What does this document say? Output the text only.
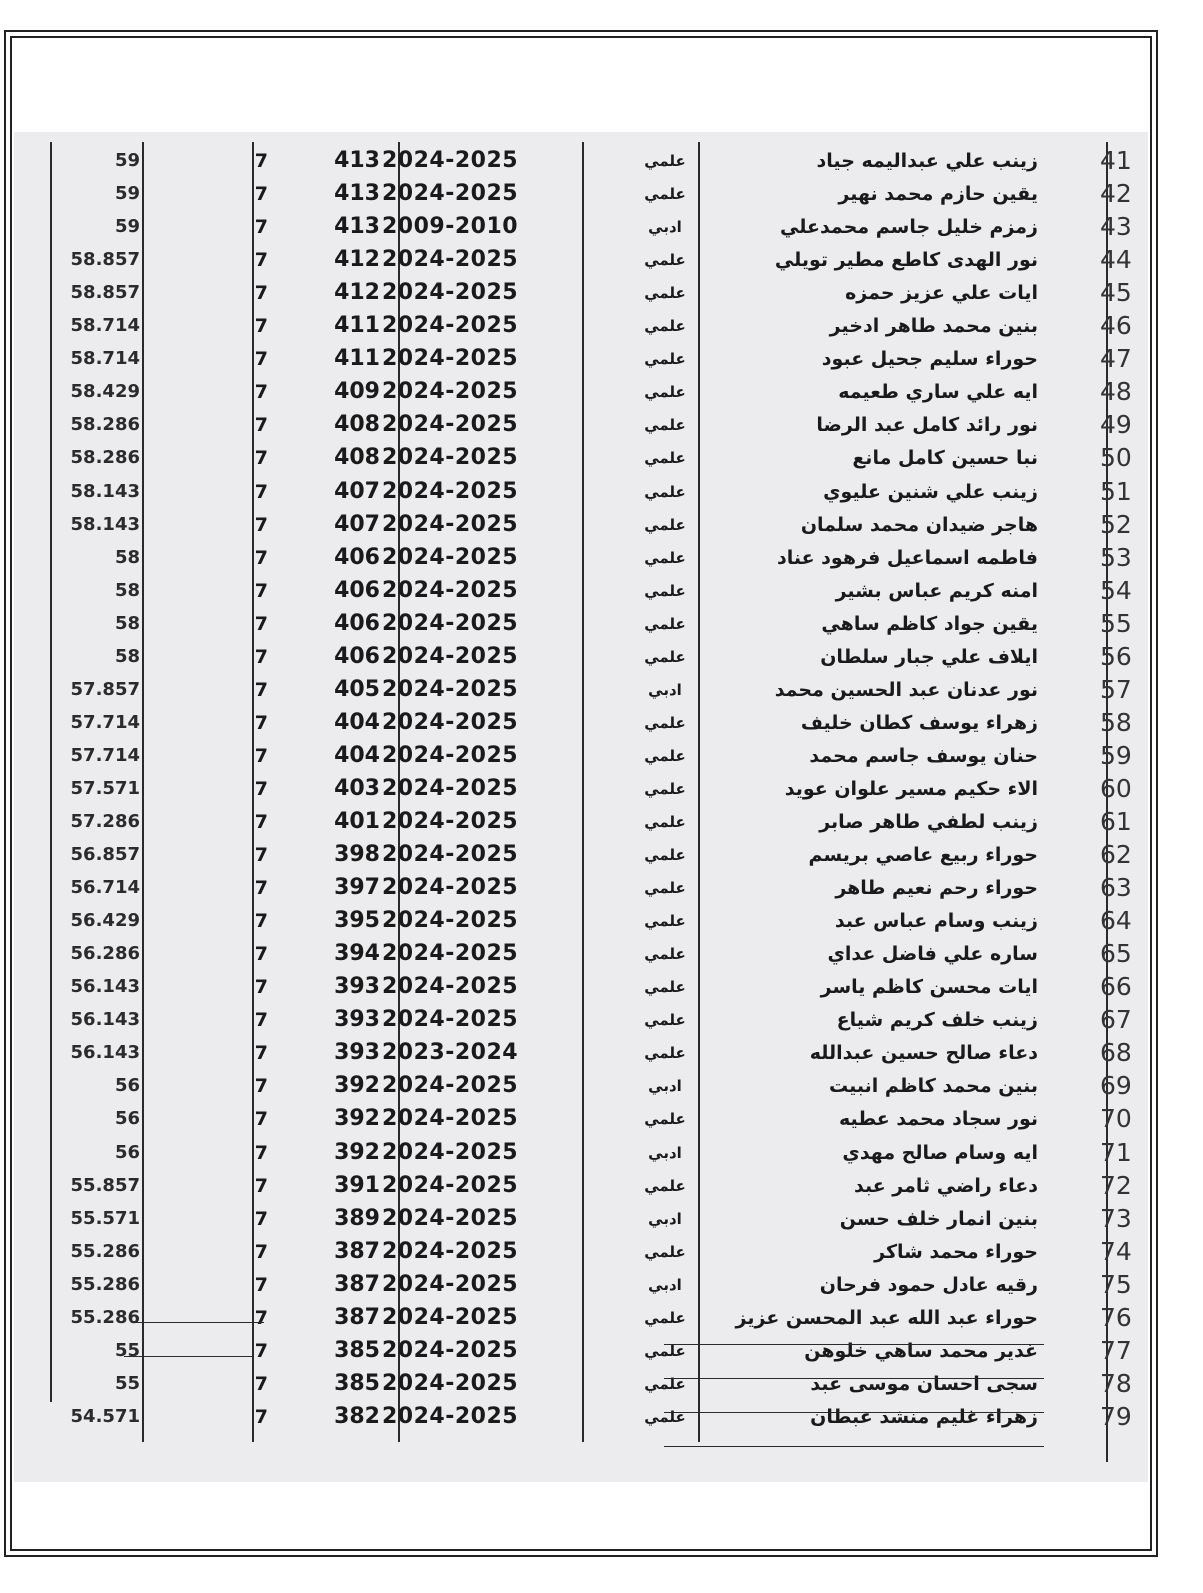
41
زينب علي عبداليمه جياد
علمي
2024-2025
413
7
59
42
يقين حازم محمد نهير
علمي
2024-2025
413
7
59
43
زمزم خليل جاسم محمدعلي
ادبي
2009-2010
413
7
59
44
نور الهدى كاطع مطير تويلي
علمي
2024-2025
412
7
58.857
45
ايات علي عزيز حمزه
علمي
2024-2025
412
7
58.857
46
بنين محمد طاهر ادخير
علمي
2024-2025
411
7
58.714
47
حوراء سليم جحيل عبود
علمي
2024-2025
411
7
58.714
48
ايه علي ساري طعيمه
علمي
2024-2025
409
7
58.429
49
نور رائد كامل عبد الرضا
علمي
2024-2025
408
7
58.286
50
نبا حسين كامل مانع
علمي
2024-2025
408
7
58.286
51
زينب علي شنين عليوي
علمي
2024-2025
407
7
58.143
52
هاجر ضيدان محمد سلمان
علمي
2024-2025
407
7
58.143
53
فاطمه اسماعيل فرهود عناد
علمي
2024-2025
406
7
58
54
امنه كريم عباس بشير
علمي
2024-2025
406
7
58
55
يقين جواد كاظم ساهي
علمي
2024-2025
406
7
58
56
ايلاف علي جبار سلطان
علمي
2024-2025
406
7
58
57
نور عدنان عبد الحسين محمد
ادبي
2024-2025
405
7
57.857
58
زهراء يوسف كطان خليف
علمي
2024-2025
404
7
57.714
59
حنان يوسف جاسم محمد
علمي
2024-2025
404
7
57.714
60
الاء حكيم مسير علوان عويد
علمي
2024-2025
403
7
57.571
61
زينب لطفي طاهر صابر
علمي
2024-2025
401
7
57.286
62
حوراء ربيع عاصي بريسم
علمي
2024-2025
398
7
56.857
63
حوراء رحم نعيم طاهر
علمي
2024-2025
397
7
56.714
64
زينب وسام عباس عبد
علمي
2024-2025
395
7
56.429
65
ساره علي فاضل عداي
علمي
2024-2025
394
7
56.286
66
ايات محسن كاظم ياسر
علمي
2024-2025
393
7
56.143
67
زينب خلف كريم شياع
علمي
2024-2025
393
7
56.143
68
دعاء صالح حسين عبدالله
علمي
2023-2024
393
7
56.143
69
بنين محمد كاظم انبيت
ادبي
2024-2025
392
7
56
70
نور سجاد محمد عطيه
علمي
2024-2025
392
7
56
71
ايه وسام صالح مهدي
ادبي
2024-2025
392
7
56
72
دعاء راضي ثامر عبد
علمي
2024-2025
391
7
55.857
73
بنين انمار خلف حسن
ادبي
2024-2025
389
7
55.571
74
حوراء محمد شاكر
علمي
2024-2025
387
7
55.286
75
رقيه عادل حمود فرحان
ادبي
2024-2025
387
7
55.286
76
حوراء عبد الله عبد المحسن عزيز
علمي
2024-2025
387
7
55.286
77
غدير محمد ساهي خلوهن
علمي
2024-2025
385
7
55
78
سجى احسان موسى عبد
علمي
2024-2025
385
7
55
79
زهراء غليم منشد عبطان
علمي
2024-2025
382
7
54.571
